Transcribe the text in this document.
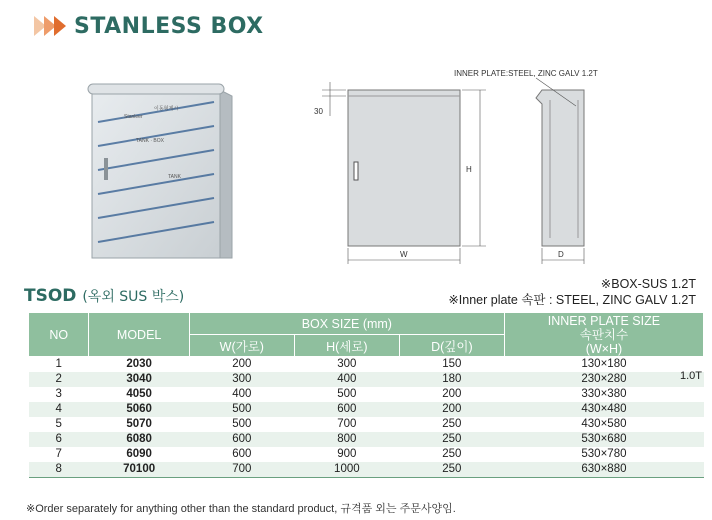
STANLESS BOX
Stanleer
TANK · BOX
TANK
이동형제시	30
H
W
INNER PLATE:STEEL, ZINC GALV 1.2T
D
※BOX-SUS 1.2T
※Inner plate 속판 : STEEL, ZINC GALV 1.2T
TSOD (옥외 SUS 박스)
NO	MODEL	BOX SIZE (mm)			INNER PLATE SIZE
속판치수
(W×H)

		W(가로)	H(세로)	D(깊이)	
1	2030	200	300	150	130×180
2	3040	300	400	180	230×280
3	4050	400	500	200	330×380
4	5060	500	600	200	430×480
5	5070	500	700	250	430×580
6	6080	600	800	250	530×680
7	6090	600	900	250	530×780
8	70100	700	1000	250	630×880
1.0T
※Order separately for anything other than the standard product, 규격품 외는 주문사양임.
